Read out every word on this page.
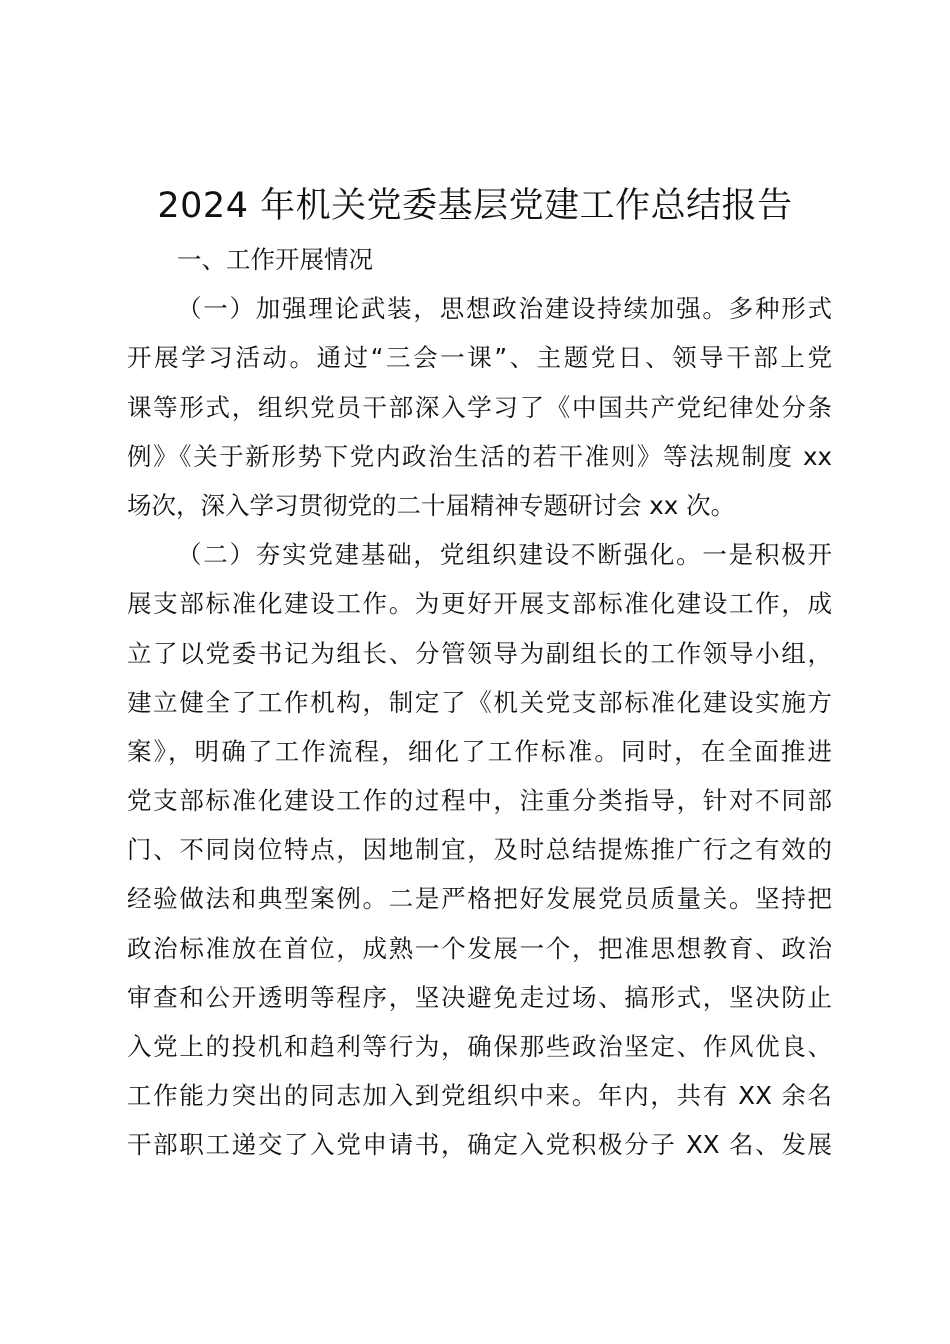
2024 年机关党委基层党建工作总结报告
一、工作开展情况
（一）加强理论武装，思想政治建设持续加强。多种形式
开展学习活动。通过“三会一课”、主题党日、领导干部上党
课等形式，组织党员干部深入学习了《中国共产党纪律处分条
例》《关于新形势下党内政治生活的若干准则》等法规制度 xx
场次，深入学习贯彻党的二十届精神专题研讨会 xx 次。
（二）夯实党建基础，党组织建设不断强化。一是积极开
展支部标准化建设工作。为更好开展支部标准化建设工作，成
立了以党委书记为组长、分管领导为副组长的工作领导小组，
建立健全了工作机构，制定了《机关党支部标准化建设实施方
案》，明确了工作流程，细化了工作标准。同时，在全面推进
党支部标准化建设工作的过程中，注重分类指导，针对不同部
门、不同岗位特点，因地制宜，及时总结提炼推广行之有效的
经验做法和典型案例。二是严格把好发展党员质量关。坚持把
政治标准放在首位，成熟一个发展一个，把准思想教育、政治
审查和公开透明等程序，坚决避免走过场、搞形式，坚决防止
入党上的投机和趋利等行为，确保那些政治坚定、作风优良、
工作能力突出的同志加入到党组织中来。年内，共有 XX 余名
干部职工递交了入党申请书，确定入党积极分子 XX 名、发展
